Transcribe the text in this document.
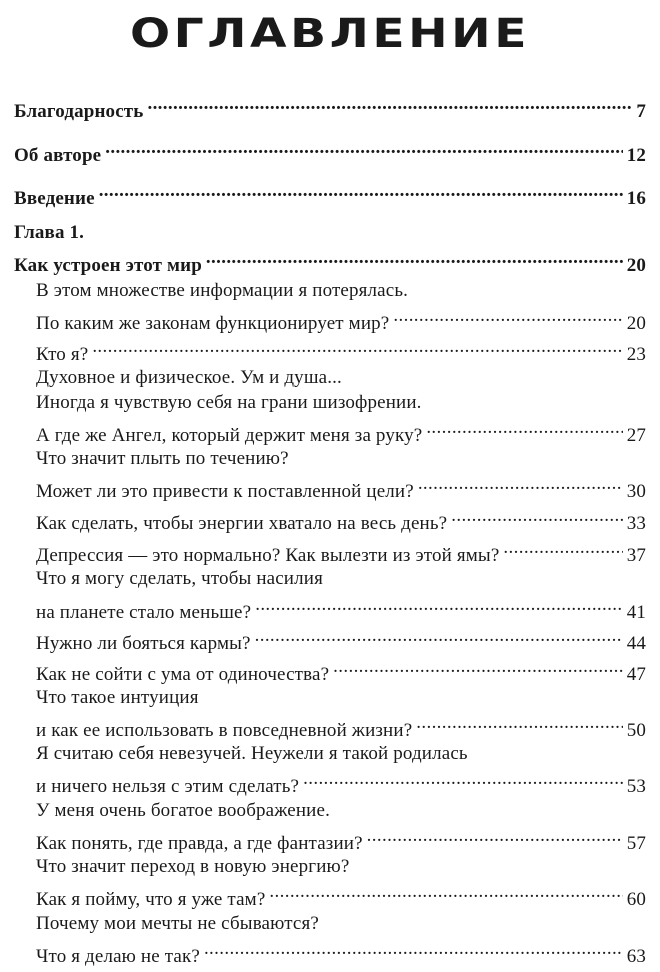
ОГЛАВЛЕНИЕ
Благодарность . . .	7
Об авторе . . .	12
Введение . . .	16
Глава 1.
Как устроен этот мир . . .	20
В этом множестве информации я потерялась.
По каким же законам функционирует мир? . . .	20
Кто я? . . .	23
Духовное и физическое. Ум и душа...
Иногда я чувствую себя на грани шизофрении.
А где же Ангел, который держит меня за руку? . . .	27
Что значит плыть по течению?
Может ли это привести к поставленной цели? . . .	30
Как сделать, чтобы энергии хватало на весь день? . . .	33
Депрессия — это нормально? Как вылезти из этой ямы? . . .	37
Что я могу сделать, чтобы насилия
на планете стало меньше? . . .	41
Нужно ли бояться кармы? . . .	44
Как не сойти с ума от одиночества? . . .	47
Что такое интуиция
и как ее использовать в повседневной жизни? . . .	50
Я считаю себя невезучей. Неужели я такой родилась
и ничего нельзя с этим сделать? . . .	53
У меня очень богатое воображение.
Как понять, где правда, а где фантазии? . . .	57
Что значит переход в новую энергию?
Как я пойму, что я уже там? . . .	60
Почему мои мечты не сбываются?
Что я делаю не так? . . .	63
